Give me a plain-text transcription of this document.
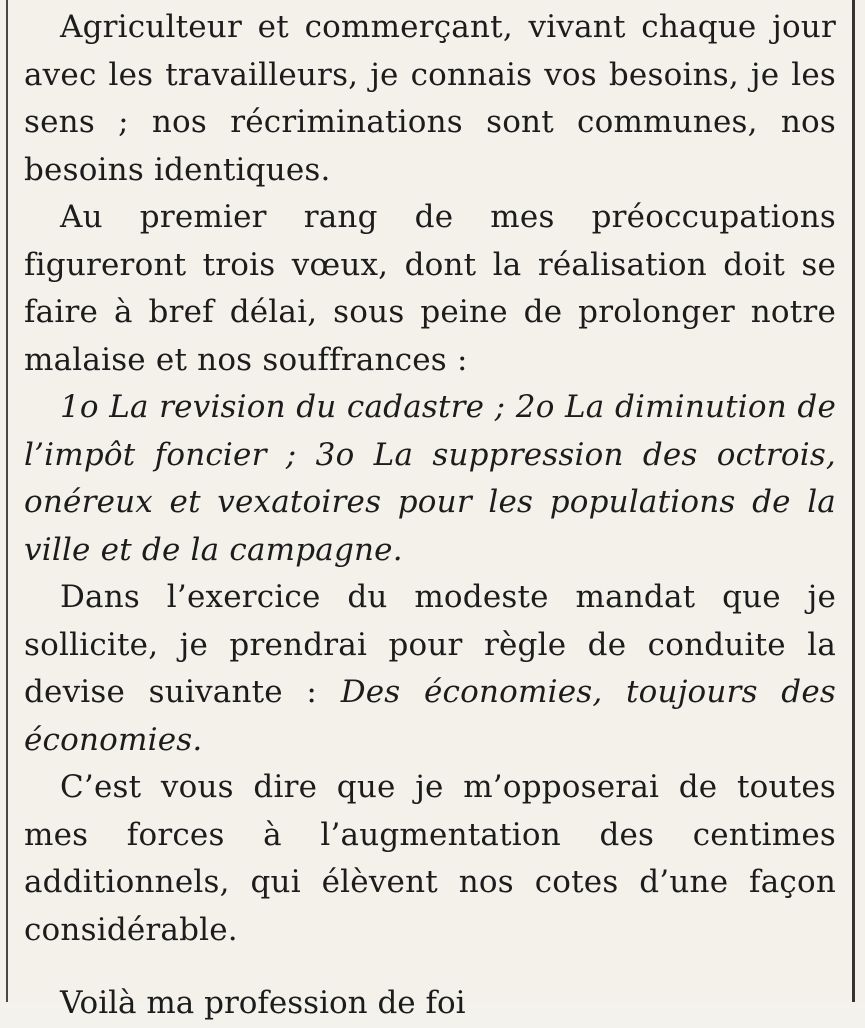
Agriculteur et commerçant, vivant chaque jour avec les travailleurs, je connais vos besoins, je les sens ; nos récriminations sont communes, nos besoins identiques.

Au premier rang de mes préoccupations figureront trois vœux, dont la réalisation doit se faire à bref délai, sous peine de prolonger notre malaise et nos souffrances :

1o La revision du cadastre ; 2o La diminution de l’impôt foncier ; 3o La suppression des octrois, onéreux et vexatoires pour les populations de la ville et de la campagne.

Dans l’exercice du modeste mandat que je sollicite, je prendrai pour règle de conduite la devise suivante : Des économies, toujours des économies.

C’est vous dire que je m’opposerai de toutes mes forces à l’augmentation des centimes additionnels, qui élèvent nos cotes d’une façon considérable.

Voilà ma profession de foi
